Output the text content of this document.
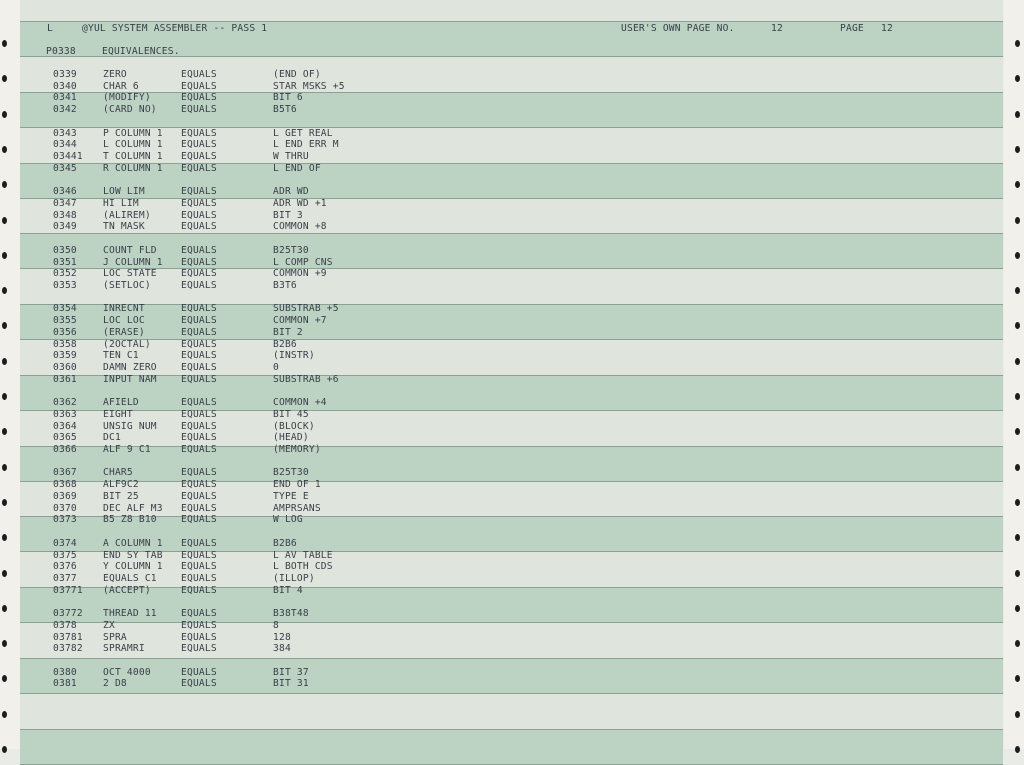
L	@YUL SYSTEM ASSEMBLER -- PASS 1	USER'S OWN PAGE NO.	12	PAGE 12
P0338	EQUIVALENCES.
0339	ZERO	EQUALS	(END OF)
0340	CHAR 6	EQUALS	STAR MSKS +5
0341	(MODIFY)	EQUALS	BIT 6
0342	(CARD NO)	EQUALS	B5T6
0343	P COLUMN 1 EQUALS	L GET REAL
0344	L COLUMN 1 EQUALS	L END ERR M
03441 T COLUMN 1 EQUALS	W THRU
0345	R COLUMN 1 EQUALS	L END OF
0346	LOW LIM	EQUALS	ADR WD
0347	HI LIM	EQUALS	ADR WD +1
0348	(ALIREM)	EQUALS	BIT 3
0349	TN MASK	EQUALS	COMMON +8
0350	COUNT FLD	EQUALS	B25T30
0351	J COLUMN 1 EQUALS	L COMP CNS
0352	LOC STATE	EQUALS	COMMON +9
0353	(SETLOC)	EQUALS	B3T6
0354	INRECNT	EQUALS	SUBSTRAB +5
0355	LOC LOC	EQUALS	COMMON +7
0356	(ERASE)	EQUALS	BIT 2
0358	(2OCTAL)	EQUALS	B2B6
0359	TEN C1	EQUALS	(INSTR)
0360	DAMN ZERO	EQUALS	0
0361	INPUT NAM	EQUALS	SUBSTRAB +6
0362	AFIELD	EQUALS	COMMON +4
0363	EIGHT	EQUALS	BIT 45
0364	UNSIG NUM	EQUALS	(BLOCK)
0365	DC1	EQUALS	(HEAD)
0366	ALF 9 C1	EQUALS	(MEMORY)
0367	CHAR5	EQUALS	B25T30
0368	ALF9C2	EQUALS	END OF 1
0369	BIT 25	EQUALS	TYPE E
0370	DEC ALF M3 EQUALS	AMPRSANS
0373	B5 Z8 B10	EQUALS	W LOG
0374	A COLUMN 1 EQUALS	B2B6
0375	END SY TAB EQUALS	L AV TABLE
0376	Y COLUMN 1 EQUALS	L BOTH CDS
0377	EQUALS C1	EQUALS	(ILLOP)
03771 (ACCEPT)	EQUALS	BIT 4
03772 THREAD 11	EQUALS	B38T48
0378	ZX	EQUALS	8
03781 SPRA	EQUALS	128
03782 SPRAMRI	EQUALS	384
0380	OCT 4000	EQUALS	BIT 37
0381	2 D8	EQUALS	BIT 31
